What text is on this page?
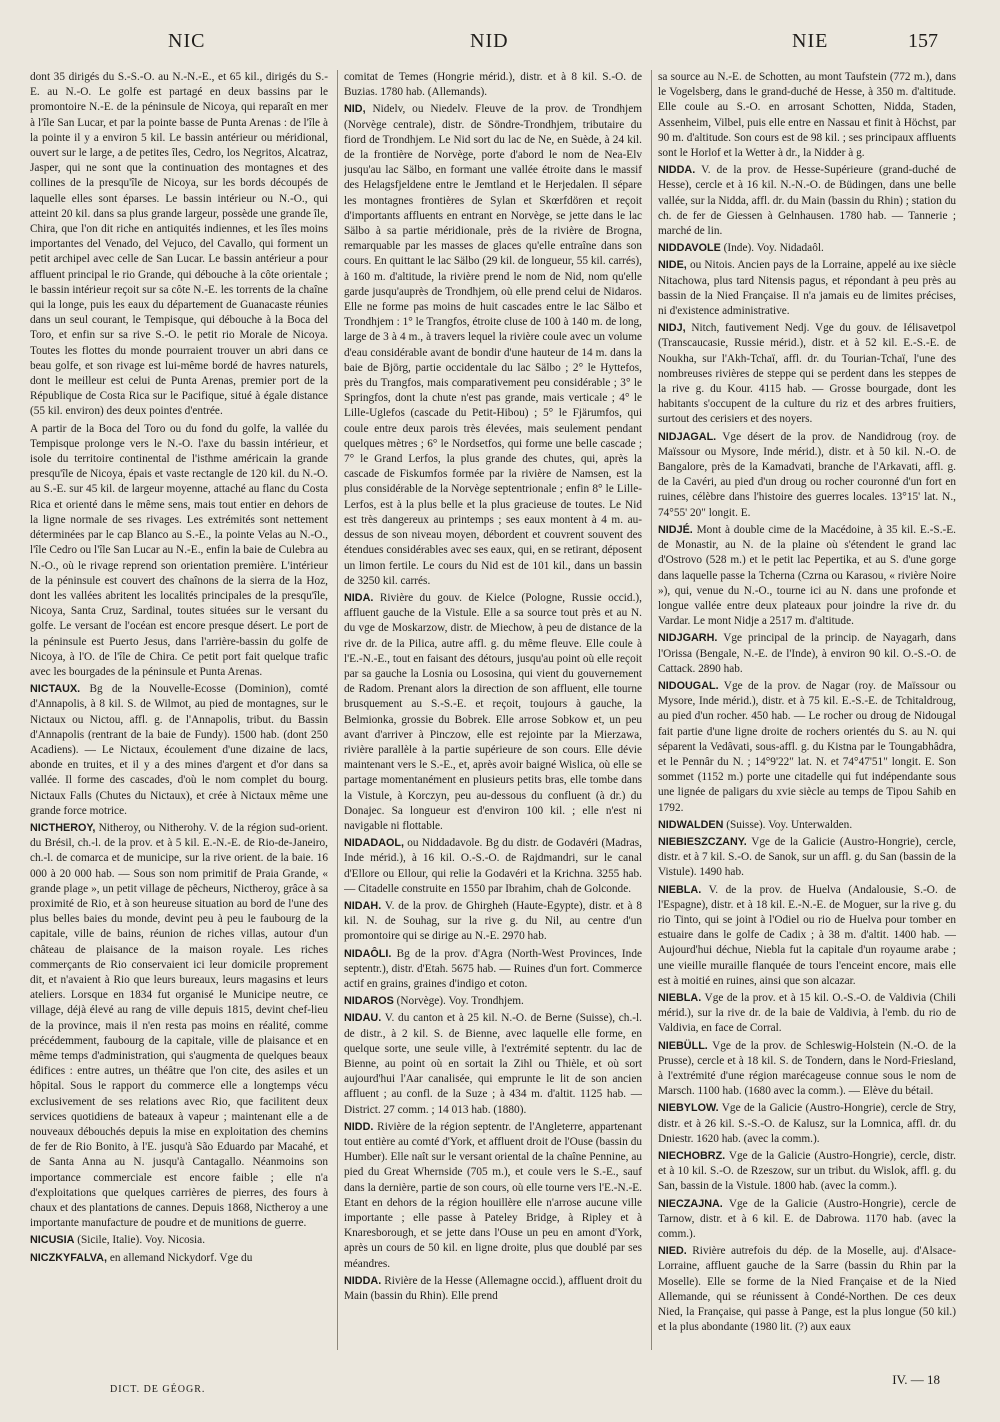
NIC	NID	NIE	157

dont 35 dirigés du S.-S.-O. au N.-N.-E., et 65 kil., dirigés du S.-E. au N.-O. Le golfe est partagé en deux bassins par le promontoire N.-E. de la péninsule de Nicoya, qui reparaît en mer à l'île San Lucar, et par la pointe basse de Punta Arenas : de l'île à la pointe il y a environ 5 kil. Le bassin antérieur ou méridional, ouvert sur le large, a de petites îles, Cedro, los Negritos, Alcatraz, Jasper, qui ne sont que la continuation des montagnes et des collines de la presqu'île de Nicoya, sur les bords découpés de laquelle elles sont éparses. Le bassin intérieur ou N.-O., qui atteint 20 kil. dans sa plus grande largeur, possède une grande île, Chira, que l'on dit riche en antiquités indiennes, et les îles moins importantes del Venado, del Vejuco, del Cavallo, qui forment un petit archipel avec celle de San Lucar. Le bassin antérieur a pour affluent principal le rio Grande, qui débouche à la côte orientale ; le bassin intérieur reçoit sur sa côte N.-E. les torrents de la chaîne qui la longe, puis les eaux du département de Guanacaste réunies dans un seul courant, le Tempisque, qui débouche à la Boca del Toro, et enfin sur sa rive S.-O. le petit rio Morale de Nicoya. Toutes les flottes du monde pourraient trouver un abri dans ce beau golfe, et son rivage est lui-même bordé de havres naturels, dont le meilleur est celui de Punta Arenas, premier port de la République de Costa Rica sur le Pacifique, situé à égale distance (55 kil. environ) des deux pointes d'entrée.

A partir de la Boca del Toro ou du fond du golfe, la vallée du Tempisque prolonge vers le N.-O. l'axe du bassin intérieur, et isole du territoire continental de l'isthme américain la grande presqu'île de Nicoya, épais et vaste rectangle de 120 kil. du N.-O. au S.-E. sur 45 kil. de largeur moyenne, attaché au flanc du Costa Rica et orienté dans le même sens, mais tout entier en dehors de la ligne normale de ses rivages. Les extrémités sont nettement déterminées par le cap Blanco au S.-E., la pointe Velas au N.-O., l'île Cedro ou l'île San Lucar au N.-E., enfin la baie de Culebra au N.-O., où le rivage reprend son orientation première. L'intérieur de la péninsule est couvert des chaînons de la sierra de la Hoz, dont les vallées abritent les localités principales de la presqu'île, Nicoya, Santa Cruz, Sardinal, toutes situées sur le versant du golfe. Le versant de l'océan est encore presque désert. Le port de la péninsule est Puerto Jesus, dans l'arrière-bassin du golfe de Nicoya, à l'O. de l'île de Chira. Ce petit port fait quelque trafic avec les bourgades de la péninsule et Punta Arenas.

NICTAUX. Bg de la Nouvelle-Ecosse (Dominion), comté d'Annapolis, à 8 kil. S. de Wilmot, au pied de montagnes, sur le Nictaux ou Nictou, affl. g. de l'Annapolis, tribut. du Bassin d'Annapolis (rentrant de la baie de Fundy). 1500 hab. (dont 250 Acadiens). — Le Nictaux, écoulement d'une dizaine de lacs, abonde en truites, et il y a des mines d'argent et d'or dans sa vallée. Il forme des cascades, d'où le nom complet du bourg. Nictaux Falls (Chutes du Nictaux), et crée à Nictaux même une grande force motrice.

NICTHEROY, Nitheroy, ou Nitherohy. V. de la région sud-orient. du Brésil, ch.-l. de la prov. et à 5 kil. E.-N.-E. de Rio-de-Janeiro, ch.-l. de comarca et de municipe, sur la rive orient. de la baie. 16 000 à 20 000 hab. — Sous son nom primitif de Praia Grande, « grande plage », un petit village de pêcheurs, Nictheroy, grâce à sa proximité de Rio, et à son heureuse situation au bord de l'une des plus belles baies du monde, devint peu à peu le faubourg de la capitale, ville de bains, réunion de riches villas, autour d'un château de plaisance de la maison royale. Les riches commerçants de Rio conservaient ici leur domicile proprement dit, et n'avaient à Rio que leurs bureaux, leurs magasins et leurs ateliers. Lorsque en 1834 fut organisé le Municipe neutre, ce village, déjà élevé au rang de ville depuis 1815, devint chef-lieu de la province, mais il n'en resta pas moins en réalité, comme précédemment, faubourg de la capitale, ville de plaisance et en même temps d'administration, qui s'augmenta de quelques beaux édifices : entre autres, un théâtre que l'on cite, des asiles et un hôpital. Sous le rapport du commerce elle a longtemps vécu exclusivement de ses relations avec Rio, que facilitent deux services quotidiens de bateaux à vapeur ; maintenant elle a de nouveaux débouchés depuis la mise en exploitation des chemins de fer de Rio Bonito, à l'E. jusqu'à São Eduardo par Macahé, et de Santa Anna au N. jusqu'à Cantagallo. Néanmoins son importance commerciale est encore faible ; elle n'a d'exploitations que quelques carrières de pierres, des fours à chaux et des plantations de cannes. Depuis 1868, Nictheroy a une importante manufacture de poudre et de munitions de guerre.

NICUSIA (Sicile, Italie). Voy. Nicosia.

NICZKYFALVA, en allemand Nickydorf. Vge du

comitat de Temes (Hongrie mérid.), distr. et à 8 kil. S.-O. de Buzias. 1780 hab. (Allemands).

NID, Nidelv, ou Niedelv. Fleuve de la prov. de Trondhjem (Norvège centrale), distr. de Söndre-Trondhjem, tributaire du fiord de Trondhjem. Le Nid sort du lac de Ne, en Suède, à 24 kil. de la frontière de Norvège, porte d'abord le nom de Nea-Elv jusqu'au lac Sälbo, en formant une vallée étroite dans le massif des Helagsfjeldene entre le Jemtland et le Herjedalen. Il sépare les montagnes frontières de Sylan et Skœrfdören et reçoit d'importants affluents en entrant en Norvège, se jette dans le lac Sälbo à sa partie méridionale, près de la rivière de Brogna, remarquable par les masses de glaces qu'elle entraîne dans son cours. En quittant le lac Sälbo (29 kil. de longueur, 55 kil. carrés), à 160 m. d'altitude, la rivière prend le nom de Nid, nom qu'elle garde jusqu'auprès de Trondhjem, où elle prend celui de Nidaros. Elle ne forme pas moins de huit cascades entre le lac Sälbo et Trondhjem : 1° le Trangfos, étroite cluse de 100 à 140 m. de long, large de 3 à 4 m., à travers lequel la rivière coule avec un volume d'eau considérable avant de bondir d'une hauteur de 14 m. dans la baie de Björg, partie occidentale du lac Sälbo ; 2° le Hyttefos, près du Trangfos, mais comparativement peu considérable ; 3° le Springfos, dont la chute n'est pas grande, mais verticale ; 4° le Lille-Uglefos (cascade du Petit-Hibou) ; 5° le Fjärumfos, qui coule entre deux parois très élevées, mais seulement pendant quelques mètres ; 6° le Nordsetfos, qui forme une belle cascade ; 7° le Grand Lerfos, la plus grande des chutes, qui, après la cascade de Fiskumfos formée par la rivière de Namsen, est la plus considérable de la Norvège septentrionale ; enfin 8° le Lille-Lerfos, est à la plus belle et la plus gracieuse de toutes. Le Nid est très dangereux au printemps ; ses eaux montent à 4 m. au-dessus de son niveau moyen, débordent et couvrent souvent des étendues considérables avec ses eaux, qui, en se retirant, déposent un limon fertile. Le cours du Nid est de 101 kil., dans un bassin de 3250 kil. carrés.

NIDA. Rivière du gouv. de Kielce (Pologne, Russie occid.), affluent gauche de la Vistule. Elle a sa source tout près et au N. du vge de Moskarzow, distr. de Miechow, à peu de distance de la rive dr. de la Pilica, autre affl. g. du même fleuve. Elle coule à l'E.-N.-E., tout en faisant des détours, jusqu'au point où elle reçoit par sa gauche la Losnia ou Lososina, qui vient du gouvernement de Radom. Prenant alors la direction de son affluent, elle tourne brusquement au S.-S.-E. et reçoit, toujours à gauche, la Belmionka, grossie du Bobrek. Elle arrose Sobkow et, un peu avant d'arriver à Pinczow, elle est rejointe par la Mierzawa, rivière parallèle à la partie supérieure de son cours. Elle dévie maintenant vers le S.-E., et, après avoir baigné Wislica, où elle se partage momentanément en plusieurs petits bras, elle tombe dans la Vistule, à Korczyn, peu au-dessous du confluent (à dr.) du Donajec. Sa longueur est d'environ 100 kil. ; elle n'est ni navigable ni flottable.

NIDADAOL, ou Niddadavole. Bg du distr. de Godavéri (Madras, Inde mérid.), à 16 kil. O.-S.-O. de Rajdmandri, sur le canal d'Ellore ou Ellour, qui relie la Godavéri et la Krichna. 3255 hab. — Citadelle construite en 1550 par Ibrahim, chah de Golconde.

NIDAH. V. de la prov. de Ghirgheh (Haute-Egypte), distr. et à 8 kil. N. de Souhag, sur la rive g. du Nil, au centre d'un promontoire qui se dirige au N.-E. 2970 hab.

NIDAÔLI. Bg de la prov. d'Agra (North-West Provinces, Inde septentr.), distr. d'Etah. 5675 hab. — Ruines d'un fort. Commerce actif en grains, graines d'indigo et coton.

NIDAROS (Norvège). Voy. Trondhjem.

NIDAU. V. du canton et à 25 kil. N.-O. de Berne (Suisse), ch.-l. de distr., à 2 kil. S. de Bienne, avec laquelle elle forme, en quelque sorte, une seule ville, à l'extrémité septentr. du lac de Bienne, au point où en sortait la Zihl ou Thièle, et où sort aujourd'hui l'Aar canalisée, qui emprunte le lit de son ancien affluent ; au confl. de la Suze ; à 434 m. d'altit. 1125 hab. — District. 27 comm. ; 14 013 hab. (1880).

NIDD. Rivière de la région septentr. de l'Angleterre, appartenant tout entière au comté d'York, et affluent droit de l'Ouse (bassin du Humber). Elle naît sur le versant oriental de la chaîne Pennine, au pied du Great Whernside (705 m.), et coule vers le S.-E., sauf dans la dernière, partie de son cours, où elle tourne vers l'E.-N.-E. Etant en dehors de la région houillère elle n'arrose aucune ville importante ; elle passe à Pateley Bridge, à Ripley et à Knaresborough, et se jette dans l'Ouse un peu en amont d'York, après un cours de 50 kil. en ligne droite, plus que doublé par ses méandres.

NIDDA. Rivière de la Hesse (Allemagne occid.), affluent droit du Main (bassin du Rhin). Elle prend

sa source au N.-E. de Schotten, au mont Taufstein (772 m.), dans le Vogelsberg, dans le grand-duché de Hesse, à 350 m. d'altitude. Elle coule au S.-O. en arrosant Schotten, Nidda, Staden, Assenheim, Vilbel, puis elle entre en Nassau et finit à Höchst, par 90 m. d'altitude. Son cours est de 98 kil. ; ses principaux affluents sont le Horlof et la Wetter à dr., la Nidder à g.

NIDDA. V. de la prov. de Hesse-Supérieure (grand-duché de Hesse), cercle et à 16 kil. N.-N.-O. de Büdingen, dans une belle vallée, sur la Nidda, affl. dr. du Main (bassin du Rhin) ; station du ch. de fer de Giessen à Gelnhausen. 1780 hab. — Tannerie ; marché de lin.

NIDDAVOLE (Inde). Voy. Nidadaôl.

NIDE, ou Nitois. Ancien pays de la Lorraine, appelé au ixe siècle Nitachowa, plus tard Nitensis pagus, et répondant à peu près au bassin de la Nied Française. Il n'a jamais eu de limites précises, ni d'existence administrative.

NIDJ, Nitch, fautivement Nedj. Vge du gouv. de Iélisavetpol (Transcaucasie, Russie mérid.), distr. et à 52 kil. E.-S.-E. de Noukha, sur l'Akh-Tchaï, affl. dr. du Tourian-Tchaï, l'une des nombreuses rivières de steppe qui se perdent dans les steppes de la rive g. du Kour. 4115 hab. — Grosse bourgade, dont les habitants s'occupent de la culture du riz et des arbres fruitiers, surtout des cerisiers et des noyers.

NIDJAGAL. Vge désert de la prov. de Nandidroug (roy. de Maïssour ou Mysore, Inde mérid.), distr. et à 50 kil. N.-O. de Bangalore, près de la Kamadvati, branche de l'Arkavati, affl. g. de la Cavéri, au pied d'un droug ou rocher couronné d'un fort en ruines, célèbre dans l'histoire des guerres locales. 13°15' lat. N., 74°55' 20" longit. E.

NIDJÉ. Mont à double cime de la Macédoine, à 35 kil. E.-S.-E. de Monastir, au N. de la plaine où s'étendent le grand lac d'Ostrovo (528 m.) et le petit lac Pepertika, et au S. d'une gorge dans laquelle passe la Tcherna (Czrna ou Karasou, « rivière Noire »), qui, venue du N.-O., tourne ici au N. dans une profonde et longue vallée entre deux plateaux pour joindre la rive dr. du Vardar. Le mont Nidje a 2517 m. d'altitude.

NIDJGARH. Vge principal de la princip. de Nayagarh, dans l'Orissa (Bengale, N.-E. de l'Inde), à environ 90 kil. O.-S.-O. de Cattack. 2890 hab.

NIDOUGAL. Vge de la prov. de Nagar (roy. de Maïssour ou Mysore, Inde mérid.), distr. et à 75 kil. E.-S.-E. de Tchitaldroug, au pied d'un rocher. 450 hab. — Le rocher ou droug de Nidougal fait partie d'une ligne droite de rochers orientés du S. au N. qui séparent la Vedâvati, sous-affl. g. du Kistna par le Toungabhâdra, et le Pennâr du N. ; 14°9'22" lat. N. et 74°47'51" longit. E. Son sommet (1152 m.) porte une citadelle qui fut indépendante sous une lignée de paligars du xvie siècle au temps de Tipou Sahib en 1792.

NIDWALDEN (Suisse). Voy. Unterwalden.

NIEBIESZCZANY. Vge de la Galicie (Austro-Hongrie), cercle, distr. et à 7 kil. S.-O. de Sanok, sur un affl. g. du San (bassin de la Vistule). 1490 hab.

NIEBLA. V. de la prov. de Huelva (Andalousie, S.-O. de l'Espagne), distr. et à 18 kil. E.-N.-E. de Moguer, sur la rive g. du rio Tinto, qui se joint à l'Odiel ou rio de Huelva pour tomber en estuaire dans le golfe de Cadix ; à 38 m. d'altit. 1400 hab. — Aujourd'hui déchue, Niebla fut la capitale d'un royaume arabe ; une vieille muraille flanquée de tours l'enceint encore, mais elle est à moitié en ruines, ainsi que son alcazar.

NIEBLA. Vge de la prov. et à 15 kil. O.-S.-O. de Valdivia (Chili mérid.), sur la rive dr. de la baie de Valdivia, à l'emb. du rio de Valdivia, en face de Corral.

NIEBÜLL. Vge de la prov. de Schleswig-Holstein (N.-O. de la Prusse), cercle et à 18 kil. S. de Tondern, dans le Nord-Friesland, à l'extrémité d'une région marécageuse connue sous le nom de Marsch. 1100 hab. (1680 avec la comm.). — Elève du bétail.

NIEBYLOW. Vge de la Galicie (Austro-Hongrie), cercle de Stry, distr. et à 26 kil. S.-S.-O. de Kalusz, sur la Lomnica, affl. dr. du Dniestr. 1620 hab. (avec la comm.).

NIECHOBRZ. Vge de la Galicie (Austro-Hongrie), cercle, distr. et à 10 kil. S.-O. de Rzeszow, sur un tribut. du Wislok, affl. g. du San, bassin de la Vistule. 1800 hab. (avec la comm.).

NIECZAJNA. Vge de la Galicie (Austro-Hongrie), cercle de Tarnow, distr. et à 6 kil. E. de Dabrowa. 1170 hab. (avec la comm.).

NIED. Rivière autrefois du dép. de la Moselle, auj. d'Alsace-Lorraine, affluent gauche de la Sarre (bassin du Rhin par la Moselle). Elle se forme de la Nied Française et de la Nied Allemande, qui se réunissent à Condé-Northen. De ces deux Nied, la Française, qui passe à Pange, est la plus longue (50 kil.) et la plus abondante (1980 lit. (?) aux eaux

DICT. DE GÉOGR.
IV. — 18
